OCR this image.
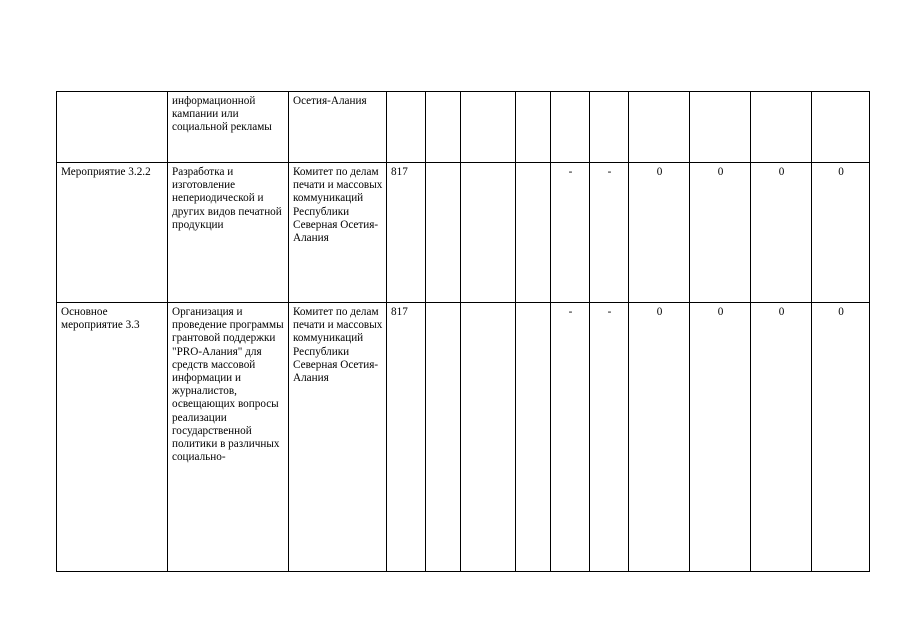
	информационной кампании или социальной рекламы	Осетия-Алания										
Мероприятие 3.2.2	Разработка и изготовление непериодической и других видов печатной продукции	Комитет по делам печати и массовых коммуникаций Республики Северная Осетия-Алания	817				-	-	0	0	0	0
Основное мероприятие 3.3	Организация и проведение программы грантовой поддержки "PRO-Алания" для средств массовой информации и журналистов, освещающих вопросы реализации государственной политики в различных социально-	Комитет по делам печати и массовых коммуникаций Республики Северная Осетия-Алания	817				-	-	0	0	0	0
